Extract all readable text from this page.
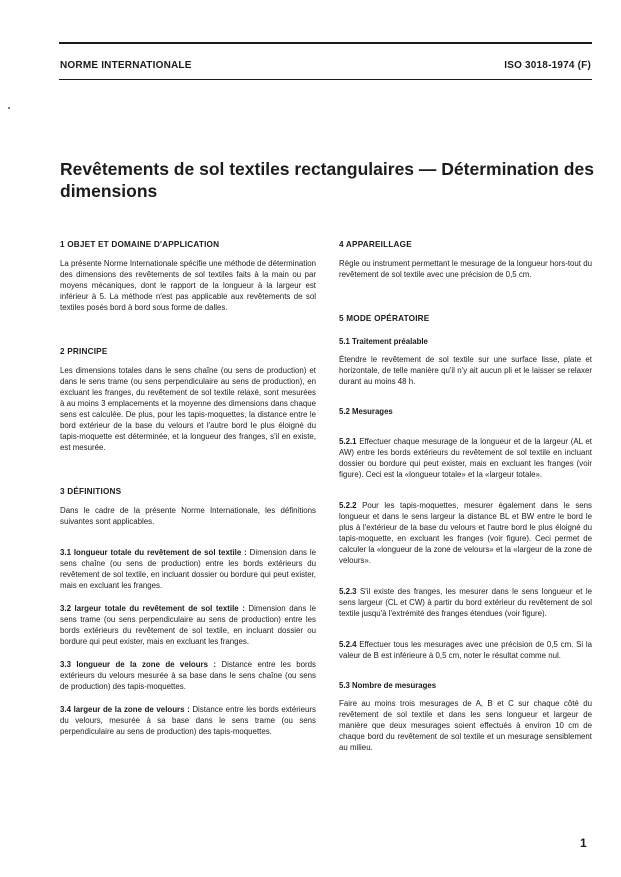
NORME INTERNATIONALE	ISO 3018-1974 (F)
Revêtements de sol textiles rectangulaires — Détermination des dimensions
1 OBJET ET DOMAINE D'APPLICATION

La présente Norme Internationale spécifie une méthode de détermination des dimensions des revêtements de sol textiles faits à la main ou par moyens mécaniques, dont le rapport de la longueur à la largeur est inférieur à 5. La méthode n'est pas applicable aux revêtements de sol textiles posés bord à bord sous forme de dalles.

2 PRINCIPE

Les dimensions totales dans le sens chaîne (ou sens de production) et dans le sens trame (ou sens perpendiculaire au sens de production), en excluant les franges, du revêtement de sol textile relaxé, sont mesurées à au moins 3 emplacements et la moyenne des dimensions dans chaque sens est calculée. De plus, pour les tapis-moquettes, la distance entre le bord extérieur de la base du velours et l'autre bord le plus éloigné du tapis-moquette est déterminée, et la longueur des franges, s'il en existe, est mesurée.

3 DÉFINITIONS

Dans le cadre de la présente Norme Internationale, les définitions suivantes sont applicables.

3.1 longueur totale du revêtement de sol textile : Dimension dans le sens chaîne (ou sens de production) entre les bords extérieurs du revêtement de sol textile, en incluant dossier ou bordure qui peut exister, mais en excluant les franges.

3.2 largeur totale du revêtement de sol textile : Dimension dans le sens trame (ou sens perpendiculaire au sens de production) entre les bords extérieurs du revêtement de sol textile, en incluant dossier ou bordure qui peut exister, mais en excluant les franges.

3.3 longueur de la zone de velours : Distance entre les bords extérieurs du velours mesurée à sa base dans le sens chaîne (ou sens de production) des tapis-moquettes.

3.4 largeur de la zone de velours : Distance entre les bords extérieurs du velours, mesurée à sa base dans le sens trame (ou sens perpendiculaire au sens de production) des tapis-moquettes.

4 APPAREILLAGE

Règle ou instrument permettant le mesurage de la longueur hors-tout du revêtement de sol textile avec une précision de 0,5 cm.

5 MODE OPÉRATOIRE
5.1 Traitement préalable

Étendre le revêtement de sol textile sur une surface lisse, plate et horizontale, de telle manière qu'il n'y ait aucun pli et le laisser se relaxer durant au moins 48 h.

5.2 Mesurages

5.2.1 Effectuer chaque mesurage de la longueur et de la largeur (AL et AW) entre les bords extérieurs du revêtement de sol textile en incluant dossier ou bordure qui peut exister, mais en excluant les franges (voir figure). Ceci est la «longueur totale» et la «largeur totale».

5.2.2 Pour les tapis-moquettes, mesurer également dans le sens longueur et dans le sens largeur la distance BL et BW entre le bord le plus à l'extérieur de la base du velours et l'autre bord le plus éloigné du tapis-moquette, en excluant les franges (voir figure). Ceci permet de calculer la «longueur de la zone de velours» et la «largeur de la zone de velours».

5.2.3 S'il existe des franges, les mesurer dans le sens longueur et le sens largeur (CL et CW) à partir du bord extérieur du revêtement de sol textile jusqu'à l'extrémité des franges étendues (voir figure).

5.2.4 Effectuer tous les mesurages avec une précision de 0,5 cm. Si la valeur de B est inférieure à 0,5 cm, noter le résultat comme nul.

5.3 Nombre de mesurages

Faire au moins trois mesurages de A, B et C sur chaque côté du revêtement de sol textile et dans les sens longueur et largeur de manière que deux mesurages soient effectués à environ 10 cm de chaque bord du revêtement de sol textile et un mesurage sensiblement au milieu.

1
